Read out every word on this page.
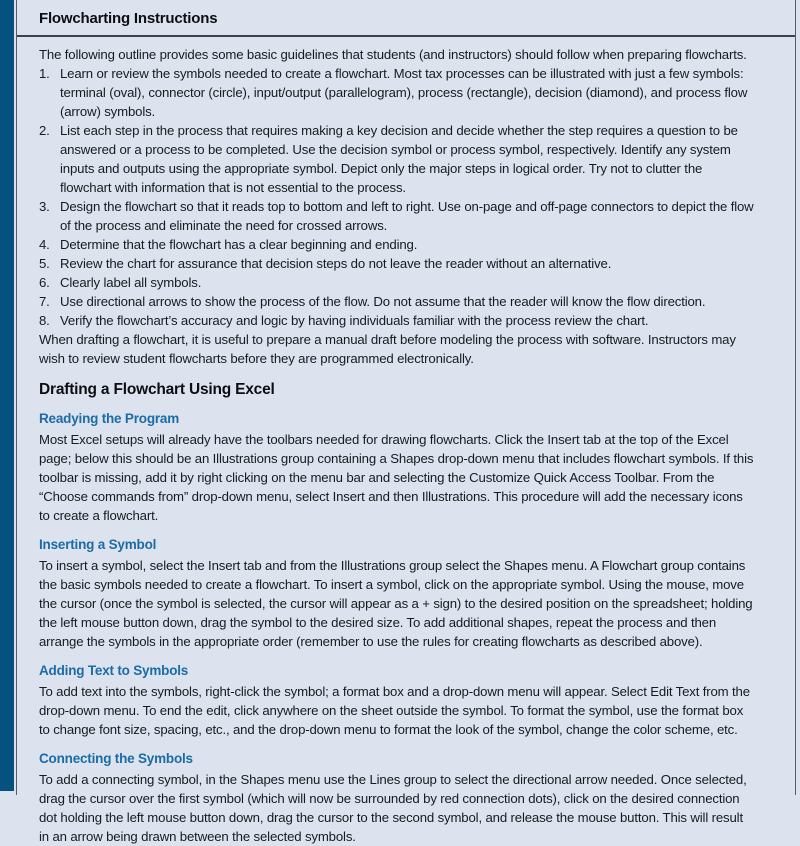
Flowcharting Instructions

The following outline provides some basic guidelines that students (and instructors) should follow when preparing flowcharts.

1. Learn or review the symbols needed to create a flowchart. Most tax processes can be illustrated with just a few symbols: terminal (oval), connector (circle), input/output (parallelogram), process (rectangle), decision (diamond), and process flow (arrow) symbols.
2. List each step in the process that requires making a key decision and decide whether the step requires a question to be answered or a process to be completed. Use the decision symbol or process symbol, respectively. Identify any system inputs and outputs using the appropriate symbol. Depict only the major steps in logical order. Try not to clutter the flowchart with information that is not essential to the process.
3. Design the flowchart so that it reads top to bottom and left to right. Use on-page and off-page connectors to depict the flow of the process and eliminate the need for crossed arrows.
4. Determine that the flowchart has a clear beginning and ending.
5. Review the chart for assurance that decision steps do not leave the reader without an alternative.
6. Clearly label all symbols.
7. Use directional arrows to show the process of the flow. Do not assume that the reader will know the flow direction.
8. Verify the flowchart’s accuracy and logic by having individuals familiar with the process review the chart.

When drafting a flowchart, it is useful to prepare a manual draft before modeling the process with software. Instructors may wish to review student flowcharts before they are programmed electronically.

Drafting a Flowchart Using Excel
Readying the Program

Most Excel setups will already have the toolbars needed for drawing flowcharts. Click the Insert tab at the top of the Excel page; below this should be an Illustrations group containing a Shapes drop-down menu that includes flowchart symbols. If this toolbar is missing, add it by right clicking on the menu bar and selecting the Customize Quick Access Toolbar. From the “Choose commands from” drop-down menu, select Insert and then Illustrations. This procedure will add the necessary icons to create a flowchart.

Inserting a Symbol

To insert a symbol, select the Insert tab and from the Illustrations group select the Shapes menu. A Flowchart group contains the basic symbols needed to create a flowchart. To insert a symbol, click on the appropriate symbol. Using the mouse, move the cursor (once the symbol is selected, the cursor will appear as a + sign) to the desired position on the spreadsheet; holding the left mouse button down, drag the symbol to the desired size. To add additional shapes, repeat the process and then arrange the symbols in the appropriate order (remember to use the rules for creating flowcharts as described above).

Adding Text to Symbols

To add text into the symbols, right-click the symbol; a format box and a drop-down menu will appear. Select Edit Text from the drop-down menu. To end the edit, click anywhere on the sheet outside the symbol. To format the symbol, use the format box to change font size, spacing, etc., and the drop-down menu to format the look of the symbol, change the color scheme, etc.

Connecting the Symbols

To add a connecting symbol, in the Shapes menu use the Lines group to select the directional arrow needed. Once selected, drag the cursor over the first symbol (which will now be surrounded by red connection dots), click on the desired connection dot holding the left mouse button down, drag the cursor to the second symbol, and release the mouse button. This will result in an arrow being drawn between the selected symbols.
